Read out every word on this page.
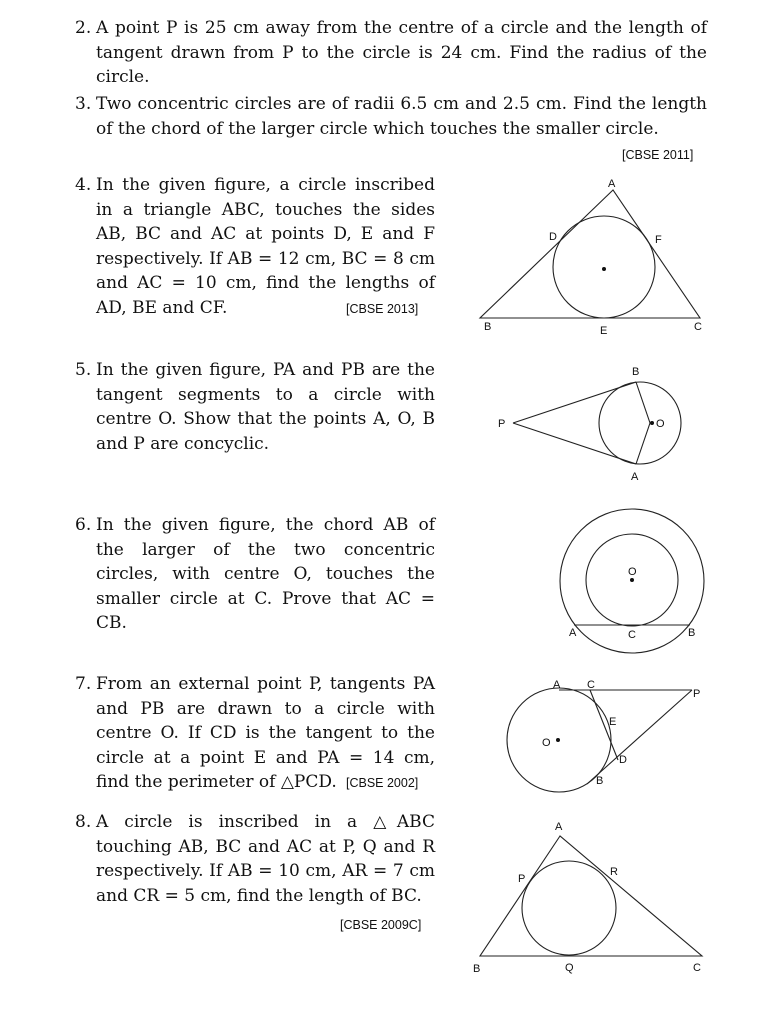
2. A point P is 25 cm away from the centre of a circle and the length of tangent drawn from P to the circle is 24 cm. Find the radius of the circle.
3. Two concentric circles are of radii 6.5 cm and 2.5 cm. Find the length of the chord of the larger circle which touches the smaller circle.
[CBSE 2011]
4. In the given figure, a circle inscribed in a triangle ABC, touches the sides AB, BC and AC at points D, E and F respectively. If AB = 12 cm, BC = 8 cm and AC = 10 cm, find the lengths of AD, BE and CF.	[CBSE 2013]
5. In the given figure, PA and PB are the tangent segments to a circle with centre O. Show that the points A, O, B and P are concyclic.
6. In the given figure, the chord AB of the larger of the two concentric circles, with centre O, touches the smaller circle at C. Prove that AC = CB.
7. From an external point P, tangents PA and PB are drawn to a circle with centre O. If CD is the tangent to the circle at a point E and PA = 14 cm, find the perimeter of △PCD. [CBSE 2002]
8. A circle is inscribed in a △ABC touching AB, BC and AC at P, Q and R respectively. If AB = 10 cm, AR = 7 cm and CR = 5 cm, find the length of BC.
[CBSE 2009C]
A
B	C
D
E
F
P
B
A
O
O
A	C	B
A C
P
E
O
D
B
A
B	C
P
Q
R
